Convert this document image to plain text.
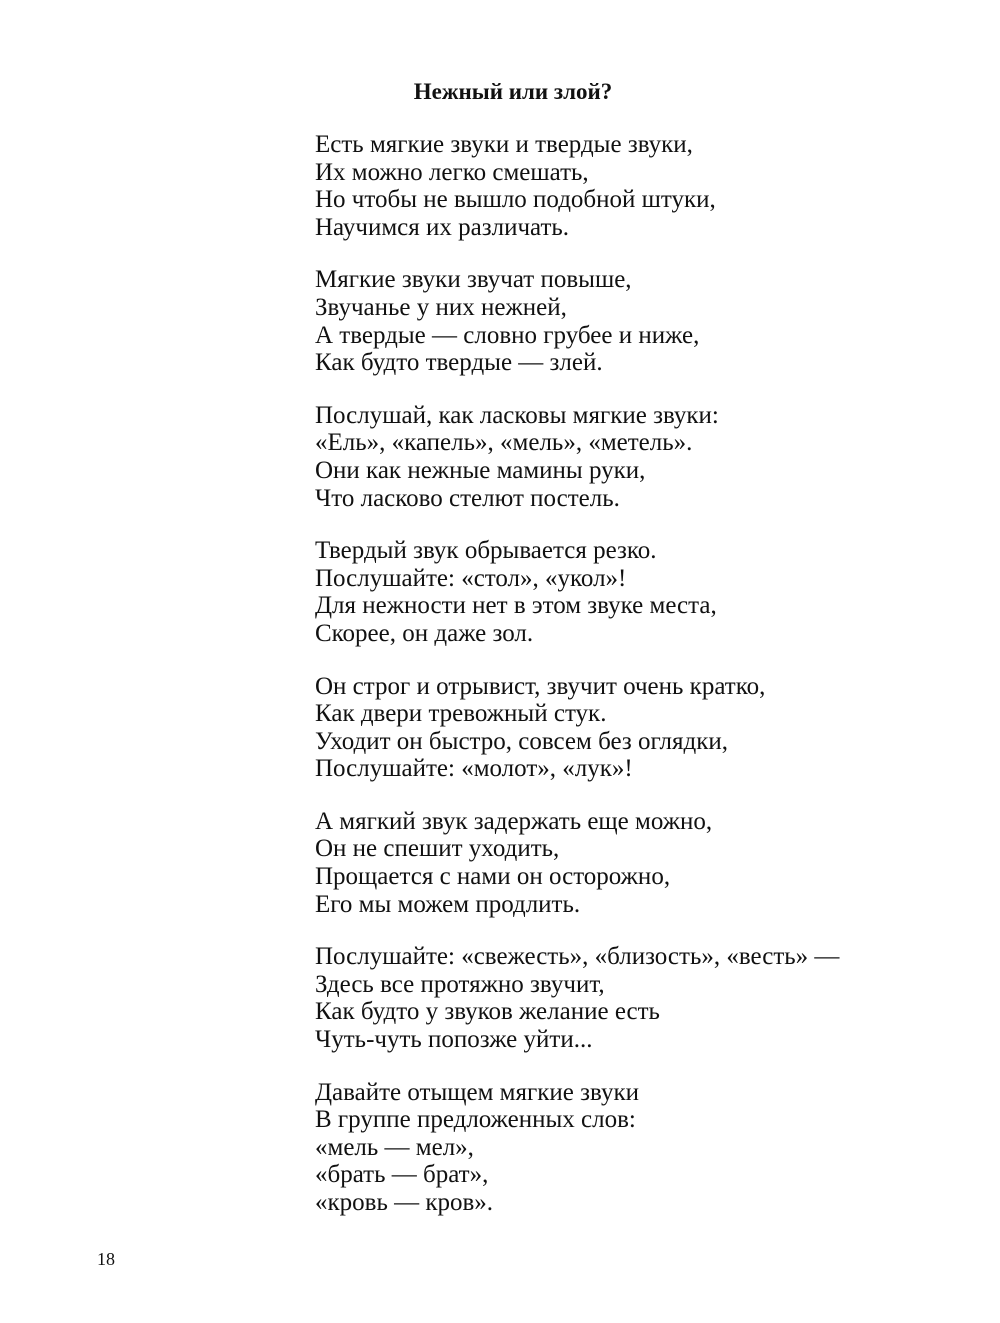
Нежный или злой?
Есть мягкие звуки и твердые звуки,
Их можно легко смешать,
Но чтобы не вышло подобной штуки,
Научимся их различать.
Мягкие звуки звучат повыше,
Звучанье у них нежней,
А твердые — словно грубее и ниже,
Как будто твердые — злей.
Послушай, как ласковы мягкие звуки:
«Ель», «капель», «мель», «метель».
Они как нежные мамины руки,
Что ласково стелют постель.
Твердый звук обрывается резко.
Послушайте: «стол», «укол»!
Для нежности нет в этом звуке места,
Скорее, он даже зол.
Он строг и отрывист, звучит очень кратко,
Как двери тревожный стук.
Уходит он быстро, совсем без оглядки,
Послушайте: «молот», «лук»!
А мягкий звук задержать еще можно,
Он не спешит уходить,
Прощается с нами он осторожно,
Его мы можем продлить.
Послушайте: «свежесть», «близость», «весть» —
Здесь все протяжно звучит,
Как будто у звуков желание есть
Чуть-чуть попозже уйти...
Давайте отыщем мягкие звуки
В группе предложенных слов:
«мель — мел»,
«брать — брат»,
«кровь — кров».
18
